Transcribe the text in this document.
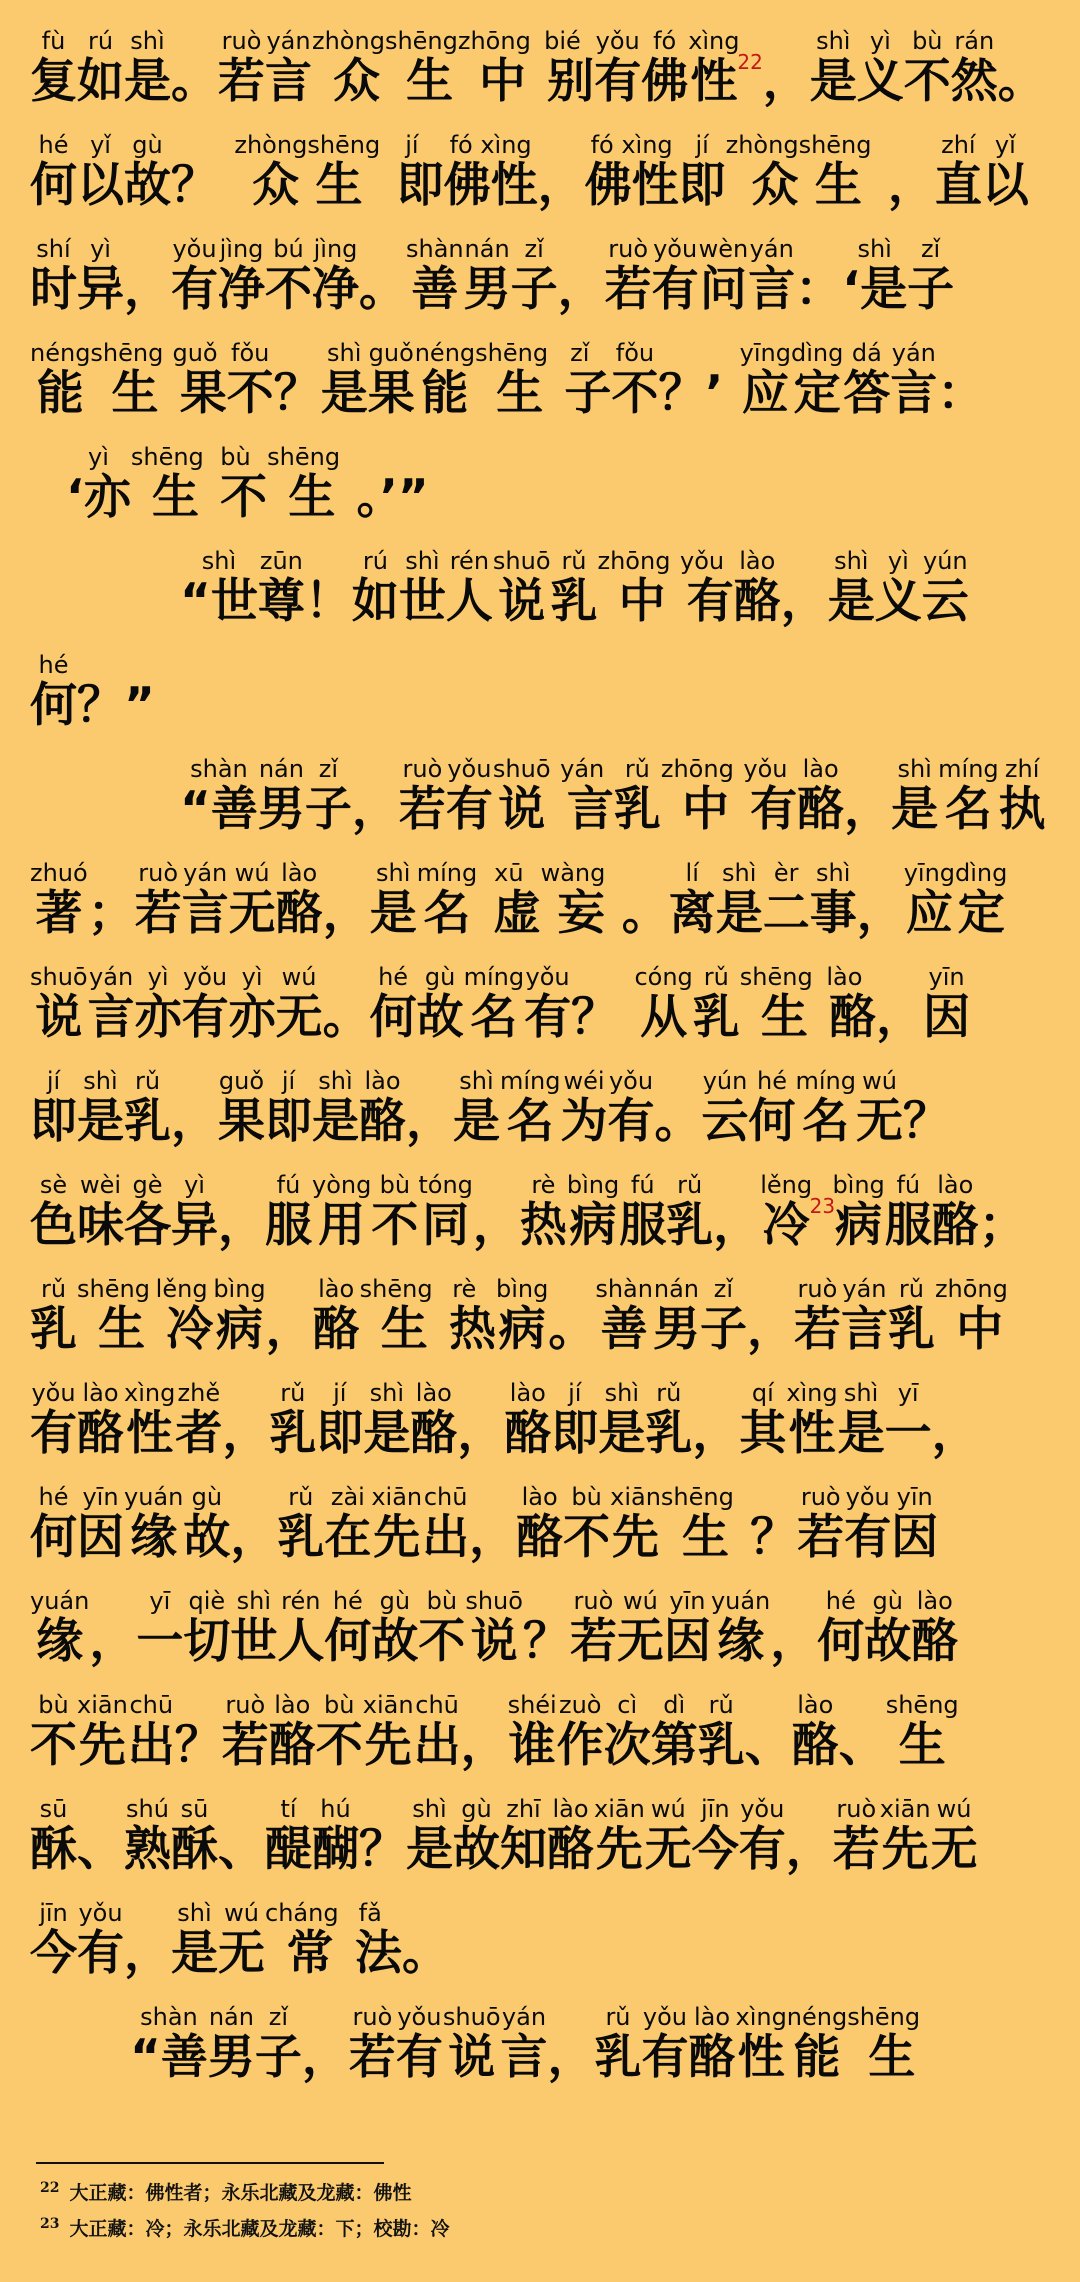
复fù如rú是shì。若ruò言yán 众zhòng 生shēng 中zhōng 别bié有yǒu佛fó性xìng22，是shì义yì不bù然rán。
何hé以yǐ故gù？ 众 生zhòngshēng 即jí佛性fó xìng，佛性fó xìng即jí 众 生zhòngshēng ，直zhí以yǐ
时shí异yì，有yǒu净jìng不bú净jìng。善shàn男nán子zǐ，若ruò有yǒu问wèn言yán：‘是shì子zǐ
能néng 生shēng 果guǒ不fǒu？是shì果guǒ能néng 生shēng 子zǐ不fǒu？’ 应yīng定dìng答dá言yán：
‘亦yì 生shēng 不bù 生shēng 。’”
“世shì尊zūn！如rú世shì人rén说shuō乳rǔ 中zhōng 有yǒu酪lào，是shì义yì云yún
何hé？”
“善shàn男nán子zǐ，若ruò有yǒu说shuō 言yán乳rǔ 中zhōng 有yǒu酪lào，是shì名míng执zhí
著zhuó；若ruò言yán无wú酪lào，是shì名míng 虚xū 妄wàng 。离lí是shì二èr事shì，应yīng定dìng
说shuō言yán亦yì有yǒu亦yì无wú。何hé故gù名míng有yǒu？ 从cóng乳rǔ 生shēng 酪lào，因yīn
即jí是shì乳rǔ，果guǒ即jí是shì酪lào，是shì名míng为wéi有yǒu。云yún何hé名míng无wú？
色sè味wèi各gè异yì，服fú用yòng不bù同tóng，热rè病bìng服fú乳rǔ，冷lěng23病bìng服fú酪lào；
乳rǔ 生shēng 冷lěng病bìng，酪lào 生shēng 热rè病bìng。善shàn男nán子zǐ，若ruò言yán乳rǔ 中zhōng
有yǒu酪lào性xìng者zhě，乳rǔ即jí是shì酪lào，酪lào即jí是shì乳rǔ，其qí性xìng是shì一yī，
何hé因yīn缘yuán故gù，乳rǔ在zài先xiān出chū，酪lào不bù先xiān 生shēng ？若ruò有yǒu因yīn
缘yuán，一yī切qiè世shì人rén何hé故gù不bù说shuō？若ruò无wú因yīn缘yuán，何hé故gù酪lào
不bù先xiān出chū？若ruò酪lào不bù先xiān出chū，谁shéi作zuò次cì第dì乳rǔ、酪lào、生shēng
酥sū、熟shú酥sū、醍tí醐hú？是shì故gù知zhī酪lào先xiān无wú今jīn有yǒu，若ruò先xiān无wú
今jīn有yǒu，是shì无wú 常cháng 法fǎ。
“善shàn男nán子zǐ，若ruò有yǒu说shuō言yán，乳rǔ有yǒu酪lào性xìng能néng 生shēng
$^{22}$ 大正藏：佛性者；永乐北藏及龙藏：佛性
$^{23}$ 大正藏：冷；永乐北藏及龙藏：下；校勘：冷
